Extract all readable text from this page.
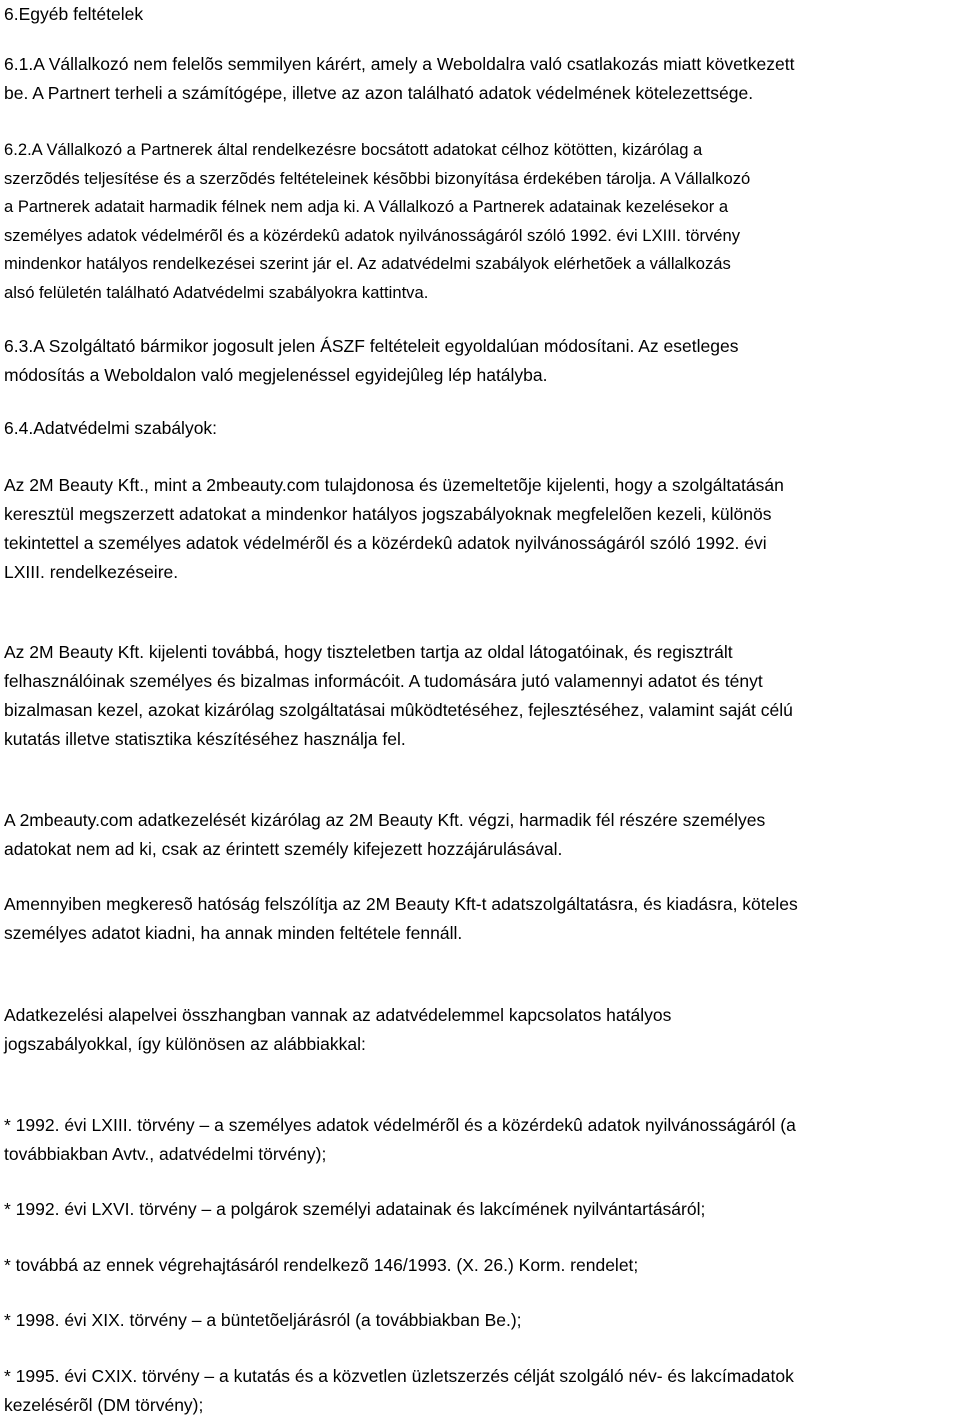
6.Egyéb feltételek

6.1.A Vállalkozó nem felelõs semmilyen kárért, amely a Weboldalra való csatlakozás miatt következett
be. A Partnert terheli a számítógépe, illetve az azon található adatok védelmének kötelezettsége.

6.2.A Vállalkozó a Partnerek által rendelkezésre bocsátott adatokat célhoz kötötten, kizárólag a
szerzõdés teljesítése és a szerzõdés feltételeinek késõbbi bizonyítása érdekében tárolja. A Vállalkozó
a Partnerek adatait harmadik félnek nem adja ki. A Vállalkozó a Partnerek adatainak kezelésekor a
személyes adatok védelmérõl és a közérdekû adatok nyilvánosságáról szóló 1992. évi LXIII. törvény
mindenkor hatályos rendelkezései szerint jár el. Az adatvédelmi szabályok elérhetõek a vállalkozás
alsó felületén található Adatvédelmi szabályokra kattintva.

6.3.A Szolgáltató bármikor jogosult jelen ÁSZF feltételeit egyoldalúan módosítani. Az esetleges
módosítás a Weboldalon való megjelenéssel egyidejûleg lép hatályba.

6.4.Adatvédelmi szabályok:

Az 2M Beauty Kft., mint a 2mbeauty.com tulajdonosa és üzemeltetõje kijelenti, hogy a szolgáltatásán
keresztül megszerzett adatokat a mindenkor hatályos jogszabályoknak megfelelõen kezeli, különös
tekintettel a személyes adatok védelmérõl és a közérdekû adatok nyilvánosságáról szóló 1992. évi
LXIII. rendelkezéseire.

Az 2M Beauty Kft. kijelenti továbbá, hogy tiszteletben tartja az oldal látogatóinak, és regisztrált
felhasználóinak személyes és bizalmas informácóit. A tudomására jutó valamennyi adatot és tényt
bizalmasan kezel, azokat kizárólag szolgáltatásai mûködtetéséhez, fejlesztéséhez, valamint saját célú
kutatás illetve statisztika készítéséhez használja fel.

A 2mbeauty.com adatkezelését kizárólag az 2M Beauty Kft. végzi, harmadik fél részére személyes
adatokat nem ad ki, csak az érintett személy kifejezett hozzájárulásával.

Amennyiben megkeresõ hatóság felszólítja az 2M Beauty Kft-t adatszolgáltatásra, és kiadásra, köteles
személyes adatot kiadni, ha annak minden feltétele fennáll.

Adatkezelési alapelvei összhangban vannak az adatvédelemmel kapcsolatos hatályos
jogszabályokkal, így különösen az alábbiakkal:

* 1992. évi LXIII. törvény – a személyes adatok védelmérõl és a közérdekû adatok nyilvánosságáról (a
továbbiakban Avtv., adatvédelmi törvény);

* 1992. évi LXVI. törvény – a polgárok személyi adatainak és lakcímének nyilvántartásáról;

* továbbá az ennek végrehajtásáról rendelkezõ 146/1993. (X. 26.) Korm. rendelet;

* 1998. évi XIX. törvény – a büntetõeljárásról (a továbbiakban Be.);

* 1995. évi CXIX. törvény – a kutatás és a közvetlen üzletszerzés célját szolgáló név- és lakcímadatok
kezelésérõl (DM törvény);
